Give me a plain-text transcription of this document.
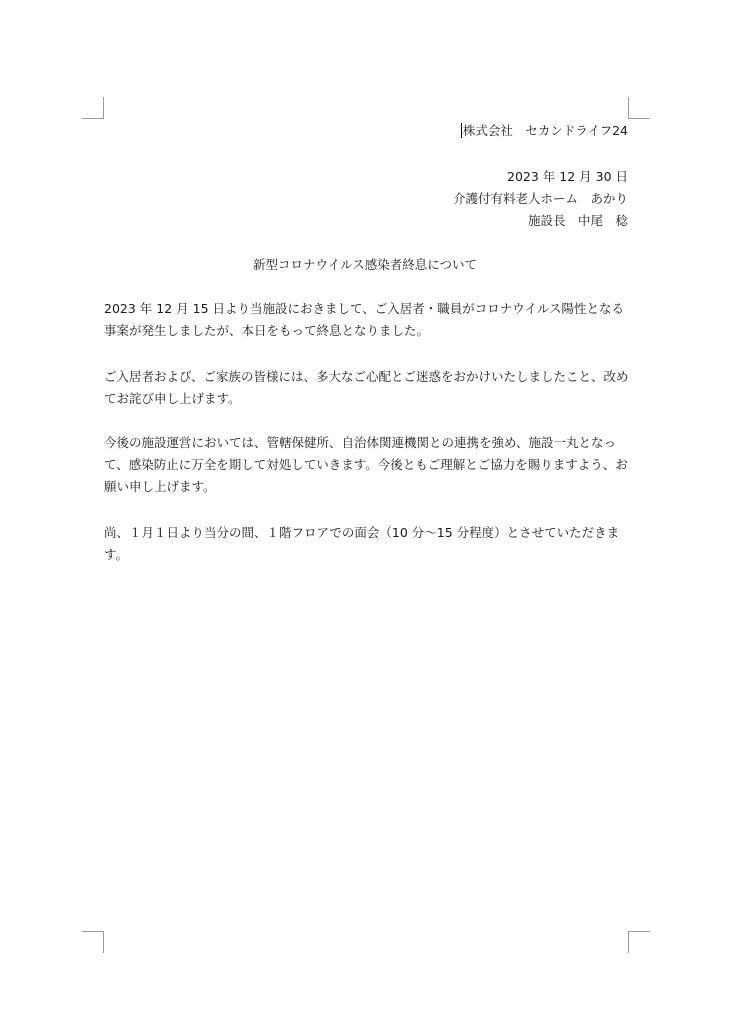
株式会社　セカンドライフ24
2023 年 12 月 30 日
介護付有料老人ホーム　あかり
施設長　中尾　稔
新型コロナウイルス感染者終息について

2023 年 12 月 15 日より当施設におきまして、ご入居者・職員がコロナウイルス陽性となる事案が発生しましたが、本日をもって終息となりました。

ご入居者および、ご家族の皆様には、多大なご心配とご迷惑をおかけいたしましたこと、改めてお詫び申し上げます。

今後の施設運営においては、管轄保健所、自治体関連機関との連携を強め、施設一丸となって、感染防止に万全を期して対処していきます。今後ともご理解とご協力を賜りますよう、お願い申し上げます。

尚、１月１日より当分の間、１階フロアでの面会（10 分～15 分程度）とさせていただきます。
